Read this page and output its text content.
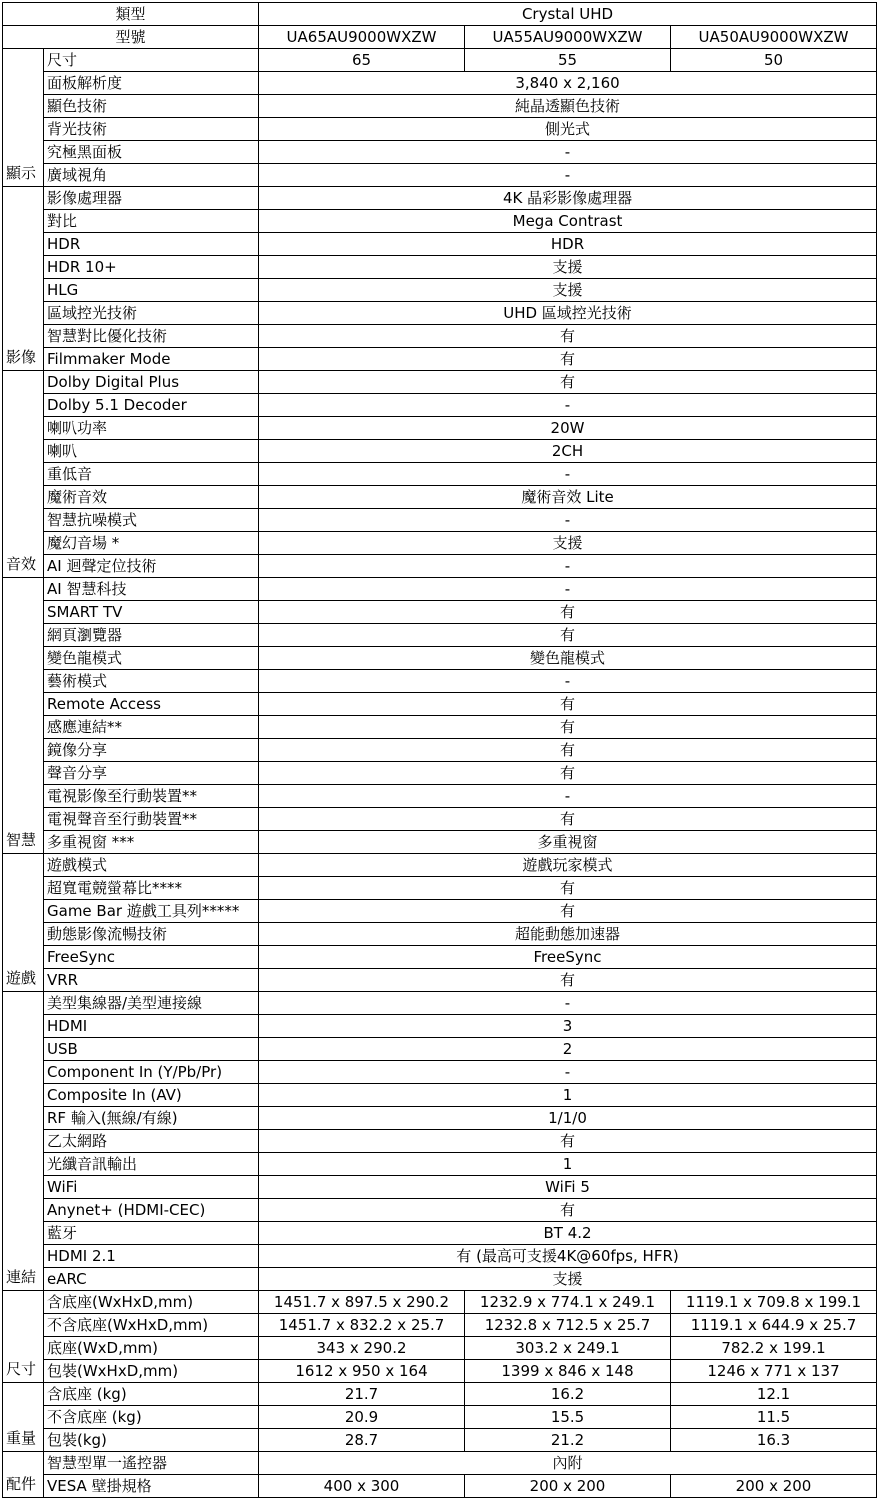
類型		Crystal UHD		
型號		UA65AU9000WXZW	UA55AU9000WXZW	UA50AU9000WXZW
顯示	尺寸	65	55	50
	面板解析度	3,840 x 2,160		
	顯色技術	純晶透顯色技術		
	背光技術	側光式		
	究極黑面板	-		
	廣域視角	-		
影像	影像處理器	4K 晶彩影像處理器		
	對比	Mega Contrast		
	HDR	HDR		
	HDR 10+	支援		
	HLG	支援		
	區域控光技術	UHD 區域控光技術		
	智慧對比優化技術	有		
	Filmmaker Mode	有		
音效	Dolby Digital Plus	有		
	Dolby 5.1 Decoder	-		
	喇叭功率	20W		
	喇叭	2CH		
	重低音	-		
	魔術音效	魔術音效 Lite		
	智慧抗噪模式	-		
	魔幻音場 *	支援		
	AI 迴聲定位技術	-		
智慧	AI 智慧科技	-		
	SMART TV	有		
	網頁瀏覽器	有		
	變色龍模式	變色龍模式		
	藝術模式	-		
	Remote Access	有		
	感應連結**	有		
	鏡像分享	有		
	聲音分享	有		
	電視影像至行動裝置**	-		
	電視聲音至行動裝置**	有		
	多重視窗 ***	多重視窗		
遊戲	遊戲模式	遊戲玩家模式		
	超寬電競螢幕比****	有		
	Game Bar 遊戲工具列*****	有		
	動態影像流暢技術	超能動態加速器		
	FreeSync	FreeSync		
	VRR	有		
連結	美型集線器/美型連接線	-		
	HDMI	3		
	USB	2		
	Component In (Y/Pb/Pr)	-		
	Composite In (AV)	1		
	RF 輸入(無線/有線)	1/1/0		
	乙太網路	有		
	光纖音訊輸出	1		
	WiFi	WiFi 5		
	Anynet+ (HDMI-CEC)	有		
	藍牙	BT 4.2		
	HDMI 2.1	有 (最高可支援4K@60fps, HFR)		
	eARC	支援		
尺寸	含底座(WxHxD,mm)	1451.7 x 897.5 x 290.2	1232.9 x 774.1 x 249.1	1119.1 x 709.8 x 199.1
	不含底座(WxHxD,mm)	1451.7 x 832.2 x 25.7	1232.8 x 712.5 x 25.7	1119.1 x 644.9 x 25.7
	底座(WxD,mm)	343 x 290.2	303.2 x 249.1	782.2 x 199.1
	包裝(WxHxD,mm)	1612 x 950 x 164	1399 x 846 x 148	1246 x 771 x 137
重量	含底座 (kg)	21.7	16.2	12.1
	不含底座 (kg)	20.9	15.5	11.5
	包裝(kg)	28.7	21.2	16.3
配件	智慧型單一遙控器	內附		
	VESA 壁掛規格	400 x 300	200 x 200	200 x 200
